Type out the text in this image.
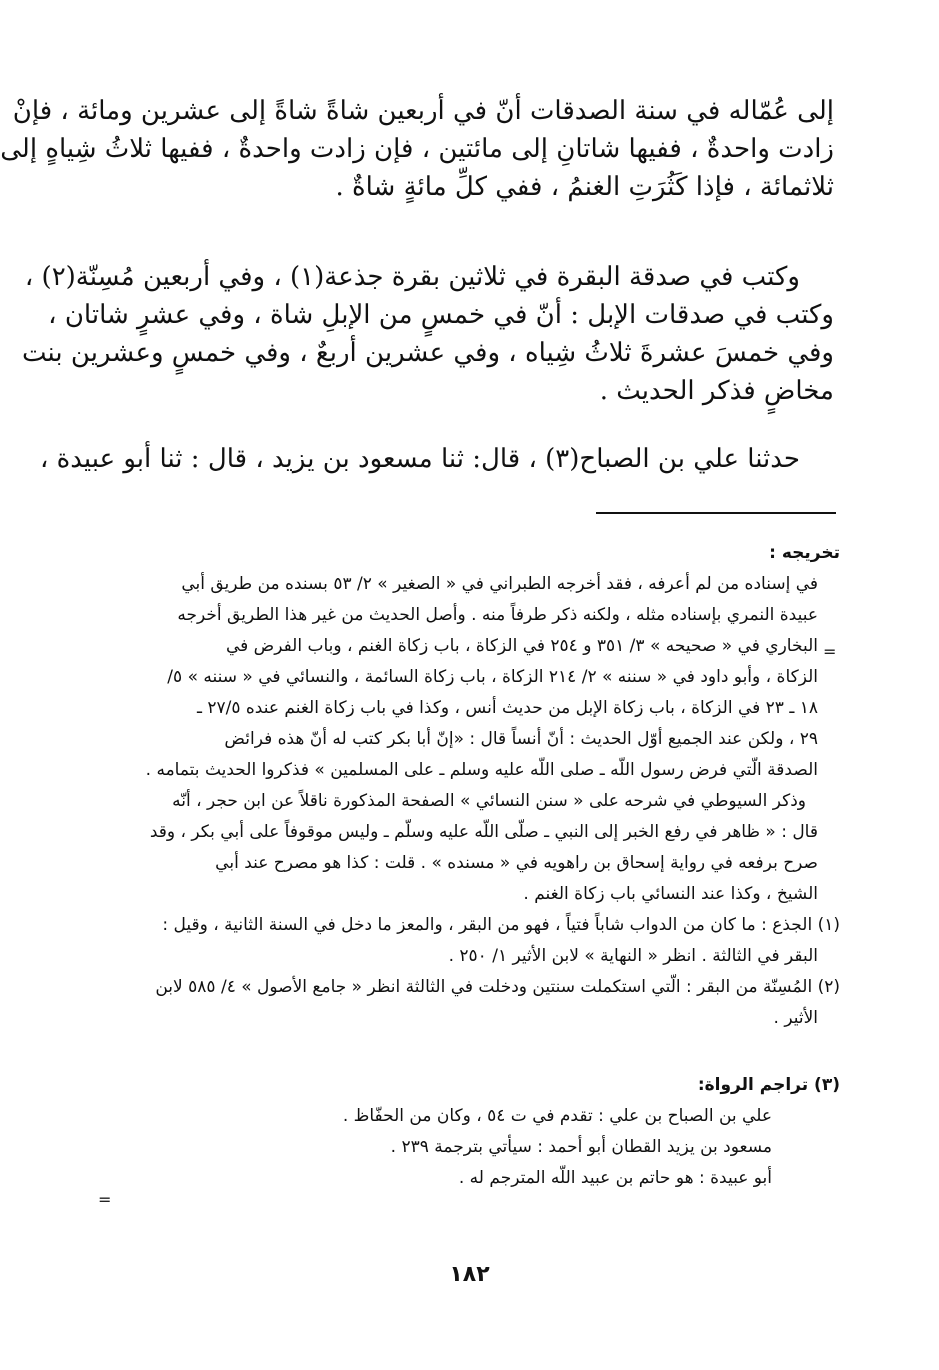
إلى عُمّاله في سنة الصدقات أنّ في أربعين شاةً شاةً إلى عشرين ومائة ، فإنْ
زادت واحدةٌ ، ففيها شاتانِ إلى مائتين ، فإن زادت واحدةٌ ، ففيها ثلاثُ شِياهٍ إلى
ثلاثمائة ، فإذا كَثُرَتِ الغنمُ ، ففي كلِّ مائةٍ شاةٌ .
وكتب في صدقة البقرة في ثلاثين بقرة جذعة(١) ، وفي أربعين مُسِنّة(٢) ،
وكتب في صدقات الإبل : أنّ في خمسٍ من الإبلِ شاة ، وفي عشرٍ شاتان ،
وفي خمسَ عشرةَ ثلاثُ شِياه ، وفي عشرين أربعٌ ، وفي خمسٍ وعشرين بنت
مخاضٍ فذكر الحديث .
حدثنا علي بن الصباح(٣) ، قال: ثنا مسعود بن يزيد ، قال : ثنا أبو عبيدة ،
تخريجه :
في إسناده من لم أعرفه ، فقد أخرجه الطبراني في « الصغير » ٢/ ٥٣ بسنده من طريق أبي
عبيدة النمري بإسناده مثله ، ولكنه ذكر طرفاً منه . وأصل الحديث من غير هذا الطريق أخرجه
البخاري في « صحيحه » ٣/ ٣٥١ و ٢٥٤ في الزكاة ، باب زكاة الغنم ، وباب الفرض في
الزكاة ، وأبو داود في « سننه » ٢/ ٢١٤ الزكاة ، باب زكاة السائمة ، والنسائي في « سننه » ٥/
١٨ ـ ٢٣ في الزكاة ، باب زكاة الإبل من حديث أنس ، وكذا في باب زكاة الغنم عنده ٢٧/٥ ـ
٢٩ ، ولكن عند الجميع أوّل الحديث : أنّ أنساً قال : «إنّ أبا بكر كتب له أنّ هذه فرائض
الصدقة الّتي فرض رسول اللّه ـ صلى اللّه عليه وسلم ـ على المسلمين » فذكروا الحديث بتمامه .
وذكر السيوطي في شرحه على « سنن النسائي » الصفحة المذكورة ناقلاً عن ابن حجر ، أنّه
قال : « ظاهر في رفع الخبر إلى النبي ـ صلّى اللّه عليه وسلّم ـ وليس موقوفاً على أبي بكر ، وقد
صرح برفعه في رواية إسحاق بن راهويه في « مسنده » . قلت : كذا هو مصرح عند أبي
الشيخ ، وكذا عند النسائي باب زكاة الغنم .
(١) الجذع : ما كان من الدواب شاباً فتياً ، فهو من البقر ، والمعز ما دخل في السنة الثانية ، وقيل :
البقر في الثالثة . انظر « النهاية » لابن الأثير ١/ ٢٥٠ .
(٢) المُسِنّة من البقر : الّتي استكملت سنتين ودخلت في الثالثة انظر « جامع الأصول » ٤/ ٥٨٥ لابن
الأثير .
(٣) تراجم الرواة:
علي بن الصباح بن علي : تقدم في ت ٥٤ ، وكان من الحفّاظ .
مسعود بن يزيد القطان أبو أحمد : سيأتي بترجمة ٢٣٩ .
أبو عبيدة : هو حاتم بن عبيد اللّه المترجم له .
=
=
١٨٢
